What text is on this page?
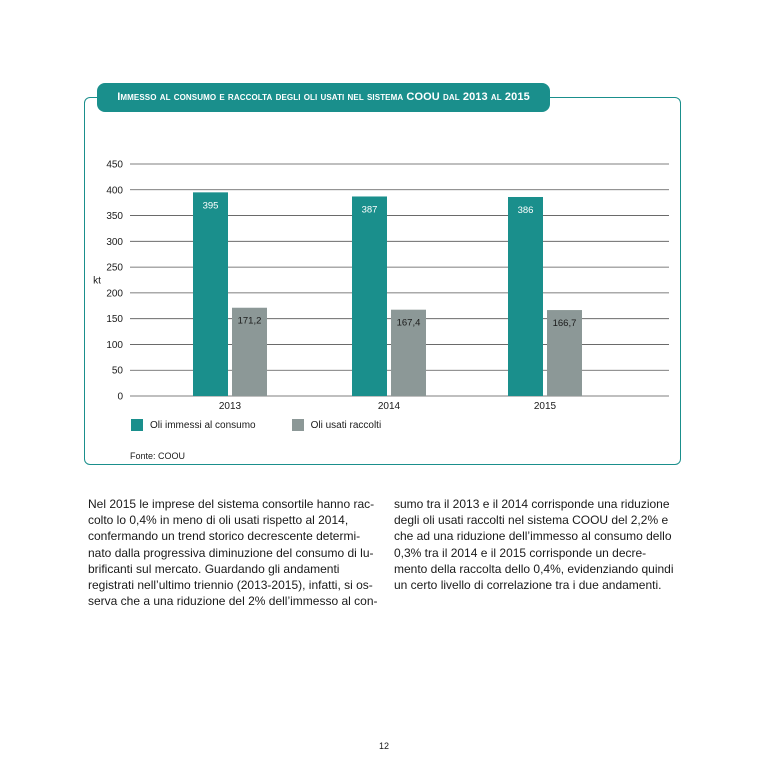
Immesso al consumo e raccolta degli oli usati nel sistema COOU dal 2013 al 2015
0
50
100
150
200
250
300
350
400
450
kt
395
171,2
2013
387
167,4
2014
386
166,7
2015
Oli immessi al consumo	Oli usati raccolti
Fonte: COOU
Nel 2015 le imprese del sistema consortile hanno rac-
colto lo 0,4% in meno di oli usati rispetto al 2014,
confermando un trend storico decrescente determi-
nato dalla progressiva diminuzione del consumo di lu-
brificanti sul mercato. Guardando gli andamenti
registrati nell’ultimo triennio (2013-2015), infatti, si os-
serva che a una riduzione del 2% dell’immesso al con-
sumo tra il 2013 e il 2014 corrisponde una riduzione
degli oli usati raccolti nel sistema COOU del 2,2% e
che ad una riduzione dell’immesso al consumo dello
0,3% tra il 2014 e il 2015 corrisponde un decre-
mento della raccolta dello 0,4%, evidenziando quindi
un certo livello di correlazione tra i due andamenti.
12
